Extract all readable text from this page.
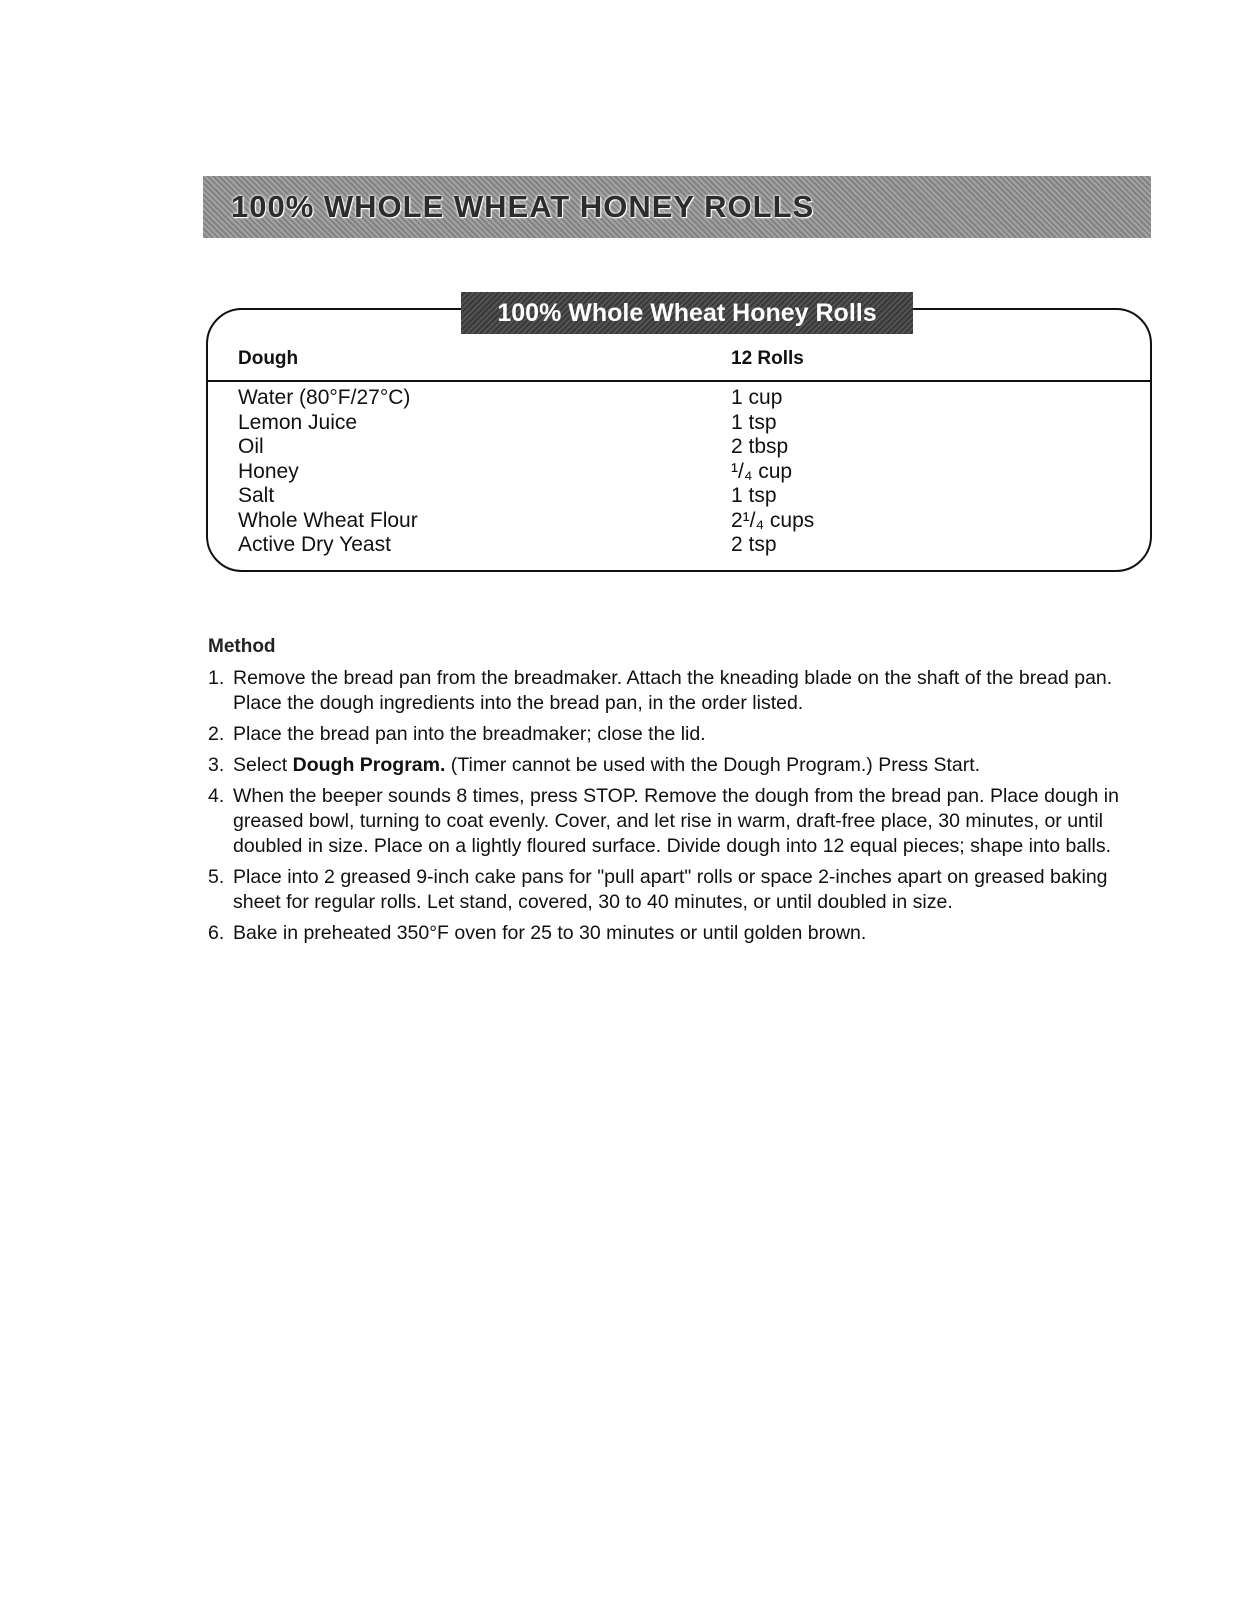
100% WHOLE WHEAT HONEY ROLLS
100% Whole Wheat Honey Rolls
Dough	12 Rolls
Water (80°F/27°C)
Lemon Juice
Oil
Honey
Salt
Whole Wheat Flour
Active Dry Yeast
1 cup
1 tsp
2 tbsp
¹/₄ cup
1 tsp
2¹/₄ cups
2 tsp
Method
1. Remove the bread pan from the breadmaker. Attach the kneading blade on the shaft of the bread pan. Place the dough ingredients into the bread pan, in the order listed.
2. Place the bread pan into the breadmaker; close the lid.
3. Select Dough Program. (Timer cannot be used with the Dough Program.) Press Start.
4. When the beeper sounds 8 times, press STOP. Remove the dough from the bread pan. Place dough in greased bowl, turning to coat evenly. Cover, and let rise in warm, draft-free place, 30 minutes, or until doubled in size. Place on a lightly floured surface. Divide dough into 12 equal pieces; shape into balls.
5. Place into 2 greased 9-inch cake pans for "pull apart" rolls or space 2-inches apart on greased baking sheet for regular rolls. Let stand, covered, 30 to 40 minutes, or until doubled in size.
6. Bake in preheated 350°F oven for 25 to 30 minutes or until golden brown.
